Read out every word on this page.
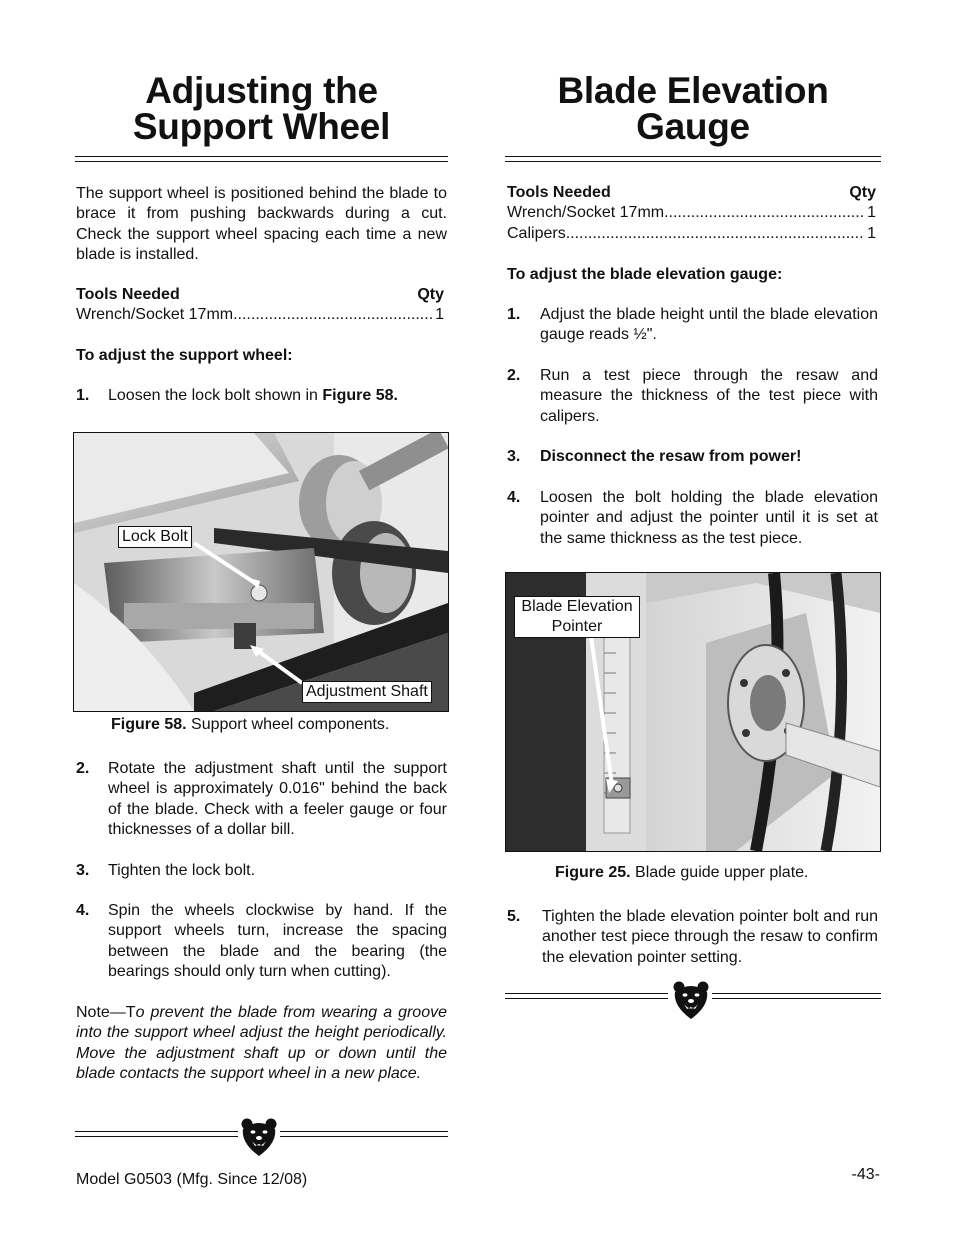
Adjusting the
Support Wheel
The support wheel is positioned behind the blade to brace it from pushing backwards during a cut. Check the support wheel spacing each time a new blade is installed.
Tools Needed	Qty
Wrench/Socket 17mm .....	1
To adjust the support wheel:
1.	Loosen the lock bolt shown in Figure 58.
Lock Bolt
Adjustment Shaft
Figure 58. Support wheel components.
2.	Rotate the adjustment shaft until the support wheel is approximately 0.016" behind the back of the blade. Check with a feeler gauge or four thicknesses of a dollar bill.
3.	Tighten the lock bolt.
4.	Spin the wheels clockwise by hand. If the support wheels turn, increase the spacing between the blade and the bearing (the bearings should only turn when cutting).
Note—To prevent the blade from wearing a groove into the support wheel adjust the height periodically. Move the adjustment shaft up or down until the blade contacts the support wheel in a new place.
Blade Elevation
Gauge
Tools Needed	Qty
Wrench/Socket 17mm .....	1
Calipers .....	1
To adjust the blade elevation gauge:
1.	Adjust the blade height until the blade elevation gauge reads ½".
2.	Run a test piece through the resaw and measure the thickness of the test piece with calipers.
3.	Disconnect the resaw from power!
4.	Loosen the bolt holding the blade elevation pointer and adjust the pointer until it is set at the same thickness as the test piece.
Blade Elevation Pointer
Figure 25. Blade guide upper plate.
5.	Tighten the blade elevation pointer bolt and run another test piece through the resaw to confirm the elevation pointer setting.
Model G0503 (Mfg. Since 12/08)	-43-
